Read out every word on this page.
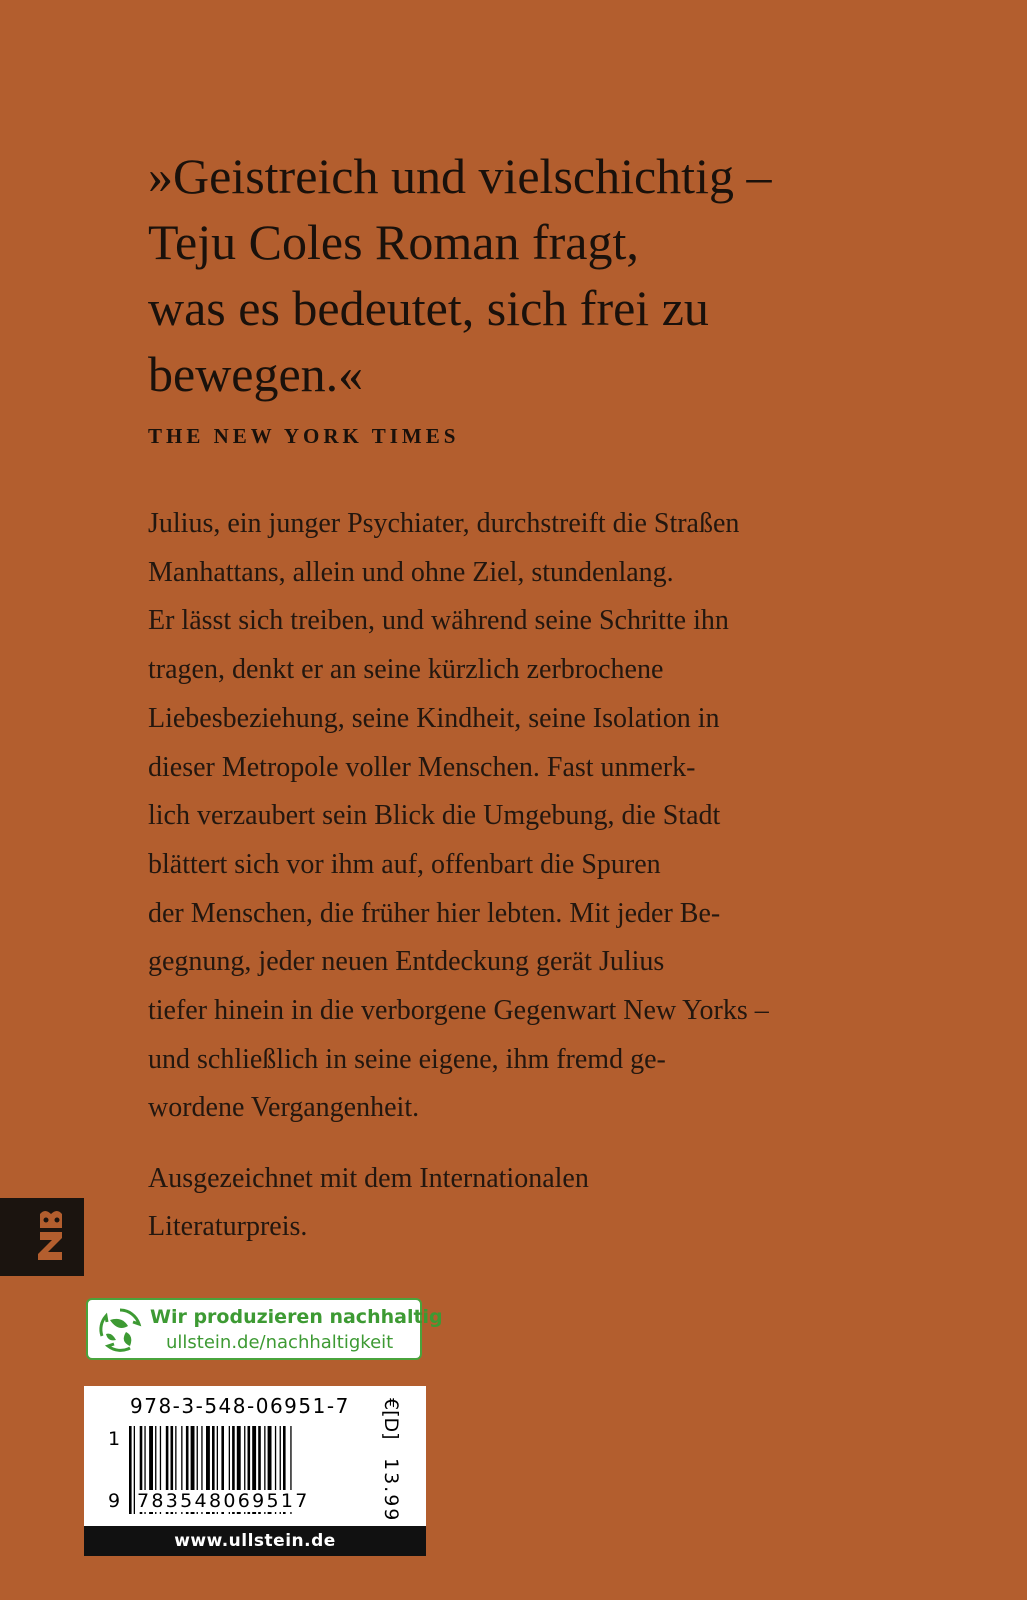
»Geistreich und vielschichtig –
Teju Coles Roman fragt,
was es bedeutet, sich frei zu
bewegen.«
THE NEW YORK TIMES
Julius, ein junger Psychiater, durchstreift die Straßen
Manhattans, allein und ohne Ziel, stundenlang.
Er lässt sich treiben, und während seine Schritte ihn
tragen, denkt er an seine kürzlich zerbrochene
Liebesbeziehung, seine Kindheit, seine Isolation in
dieser Metropole voller Menschen. Fast unmerk-
lich verzaubert sein Blick die Umgebung, die Stadt
blättert sich vor ihm auf, offenbart die Spuren
der Menschen, die früher hier lebten. Mit jeder Be-
gegnung, jeder neuen Entdeckung gerät Julius
tiefer hinein in die verborgene Gegenwart New Yorks –
und schließlich in seine eigene, ihm fremd ge-
wordene Vergangenheit.
Ausgezeichnet mit dem Internationalen
Literaturpreis.
Wir produzieren nachhaltig
ullstein.de/nachhaltigkeit
978-3-548-06951-7
1
9 783548069517
€[D]
13.99
www.ullstein.de
